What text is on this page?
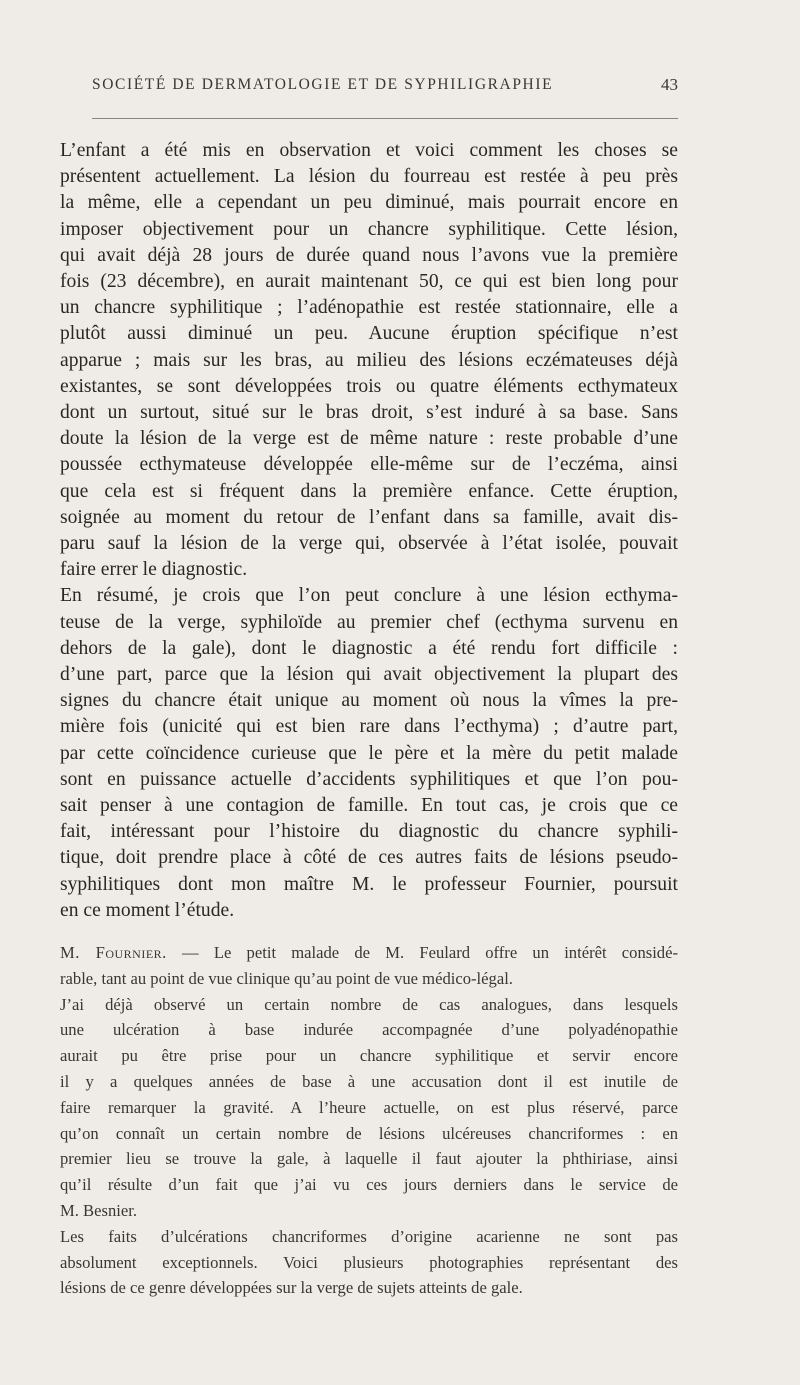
SOCIÉTÉ DE DERMATOLOGIE ET DE SYPHILIGRAPHIE	43
L’enfant a été mis en observation et voici comment les choses se
présentent actuellement. La lésion du fourreau est restée à peu près
la même, elle a cependant un peu diminué, mais pourrait encore en
imposer objectivement pour un chancre syphilitique. Cette lésion,
qui avait déjà 28 jours de durée quand nous l’avons vue la première
fois (23 décembre), en aurait maintenant 50, ce qui est bien long pour
un chancre syphilitique ; l’adénopathie est restée stationnaire, elle a
plutôt aussi diminué un peu. Aucune éruption spécifique n’est
apparue ; mais sur les bras, au milieu des lésions eczémateuses déjà
existantes, se sont développées trois ou quatre éléments ecthymateux
dont un surtout, situé sur le bras droit, s’est induré à sa base. Sans
doute la lésion de la verge est de même nature : reste probable d’une
poussée ecthymateuse développée elle-même sur de l’eczéma, ainsi
que cela est si fréquent dans la première enfance. Cette éruption,
soignée au moment du retour de l’enfant dans sa famille, avait dis-
paru sauf la lésion de la verge qui, observée à l’état isolée, pouvait
faire errer le diagnostic.
En résumé, je crois que l’on peut conclure à une lésion ecthyma-
teuse de la verge, syphiloïde au premier chef (ecthyma survenu en
dehors de la gale), dont le diagnostic a été rendu fort difficile :
d’une part, parce que la lésion qui avait objectivement la plupart des
signes du chancre était unique au moment où nous la vîmes la pre-
mière fois (unicité qui est bien rare dans l’ecthyma) ; d’autre part,
par cette coïncidence curieuse que le père et la mère du petit malade
sont en puissance actuelle d’accidents syphilitiques et que l’on pou-
sait penser à une contagion de famille. En tout cas, je crois que ce
fait, intéressant pour l’histoire du diagnostic du chancre syphili-
tique, doit prendre place à côté de ces autres faits de lésions pseudo-
syphilitiques dont mon maître M. le professeur Fournier, poursuit
en ce moment l’étude.
M. Fournier. — Le petit malade de M. Feulard offre un intérêt considé-
rable, tant au point de vue clinique qu’au point de vue médico-légal.
J’ai déjà observé un certain nombre de cas analogues, dans lesquels
une ulcération à base indurée accompagnée d’une polyadénopathie
aurait pu être prise pour un chancre syphilitique et servir encore
il y a quelques années de base à une accusation dont il est inutile de
faire remarquer la gravité. A l’heure actuelle, on est plus réservé, parce
qu’on connaît un certain nombre de lésions ulcéreuses chancriformes : en
premier lieu se trouve la gale, à laquelle il faut ajouter la phthiriase, ainsi
qu’il résulte d’un fait que j’ai vu ces jours derniers dans le service de
M. Besnier.
Les faits d’ulcérations chancriformes d’origine acarienne ne sont pas
absolument exceptionnels. Voici plusieurs photographies représentant des
lésions de ce genre développées sur la verge de sujets atteints de gale.
